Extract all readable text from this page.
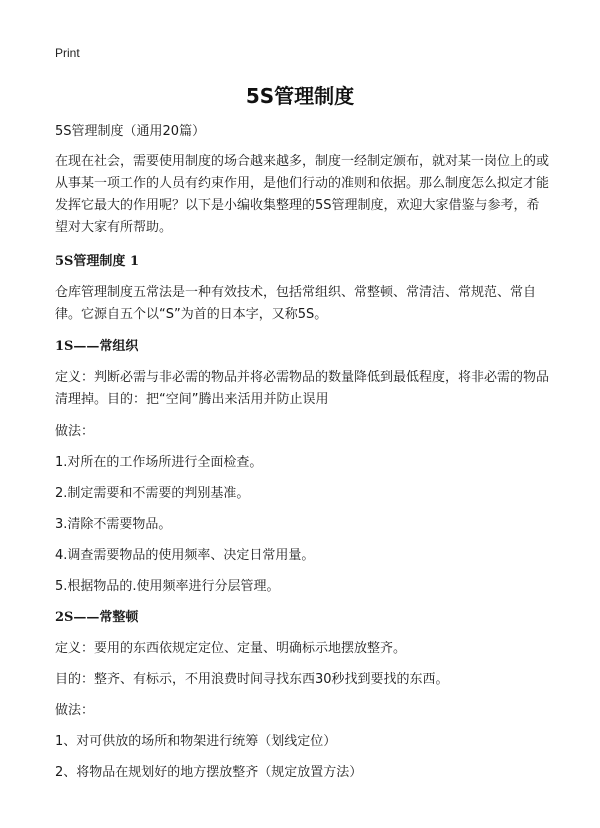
Print
5S管理制度

5S管理制度（通用20篇）

在现在社会，需要使用制度的场合越来越多，制度一经制定颁布，就对某一岗位上的或从事某一项工作的人员有约束作用，是他们行动的准则和依据。那么制度怎么拟定才能发挥它最大的作用呢？以下是小编收集整理的5S管理制度，欢迎大家借鉴与参考，希望对大家有所帮助。

5S管理制度 1

仓库管理制度五常法是一种有效技术，包括常组织、常整顿、常清洁、常规范、常自律。它源自五个以“S”为首的日本字，又称5S。

1S——常组织

定义：判断必需与非必需的物品并将必需物品的数量降低到最低程度，将非必需的物品清理掉。目的：把“空间”腾出来活用并防止误用

做法：

1.对所在的工作场所进行全面检查。

2.制定需要和不需要的判别基准。

3.清除不需要物品。

4.调查需要物品的使用频率、决定日常用量。

5.根据物品的.使用频率进行分层管理。

2S——常整顿

定义：要用的东西依规定定位、定量、明确标示地摆放整齐。

目的：整齐、有标示，不用浪费时间寻找东西30秒找到要找的东西。

做法：

1、对可供放的场所和物架进行统筹（划线定位）

2、将物品在规划好的地方摆放整齐（规定放置方法）
